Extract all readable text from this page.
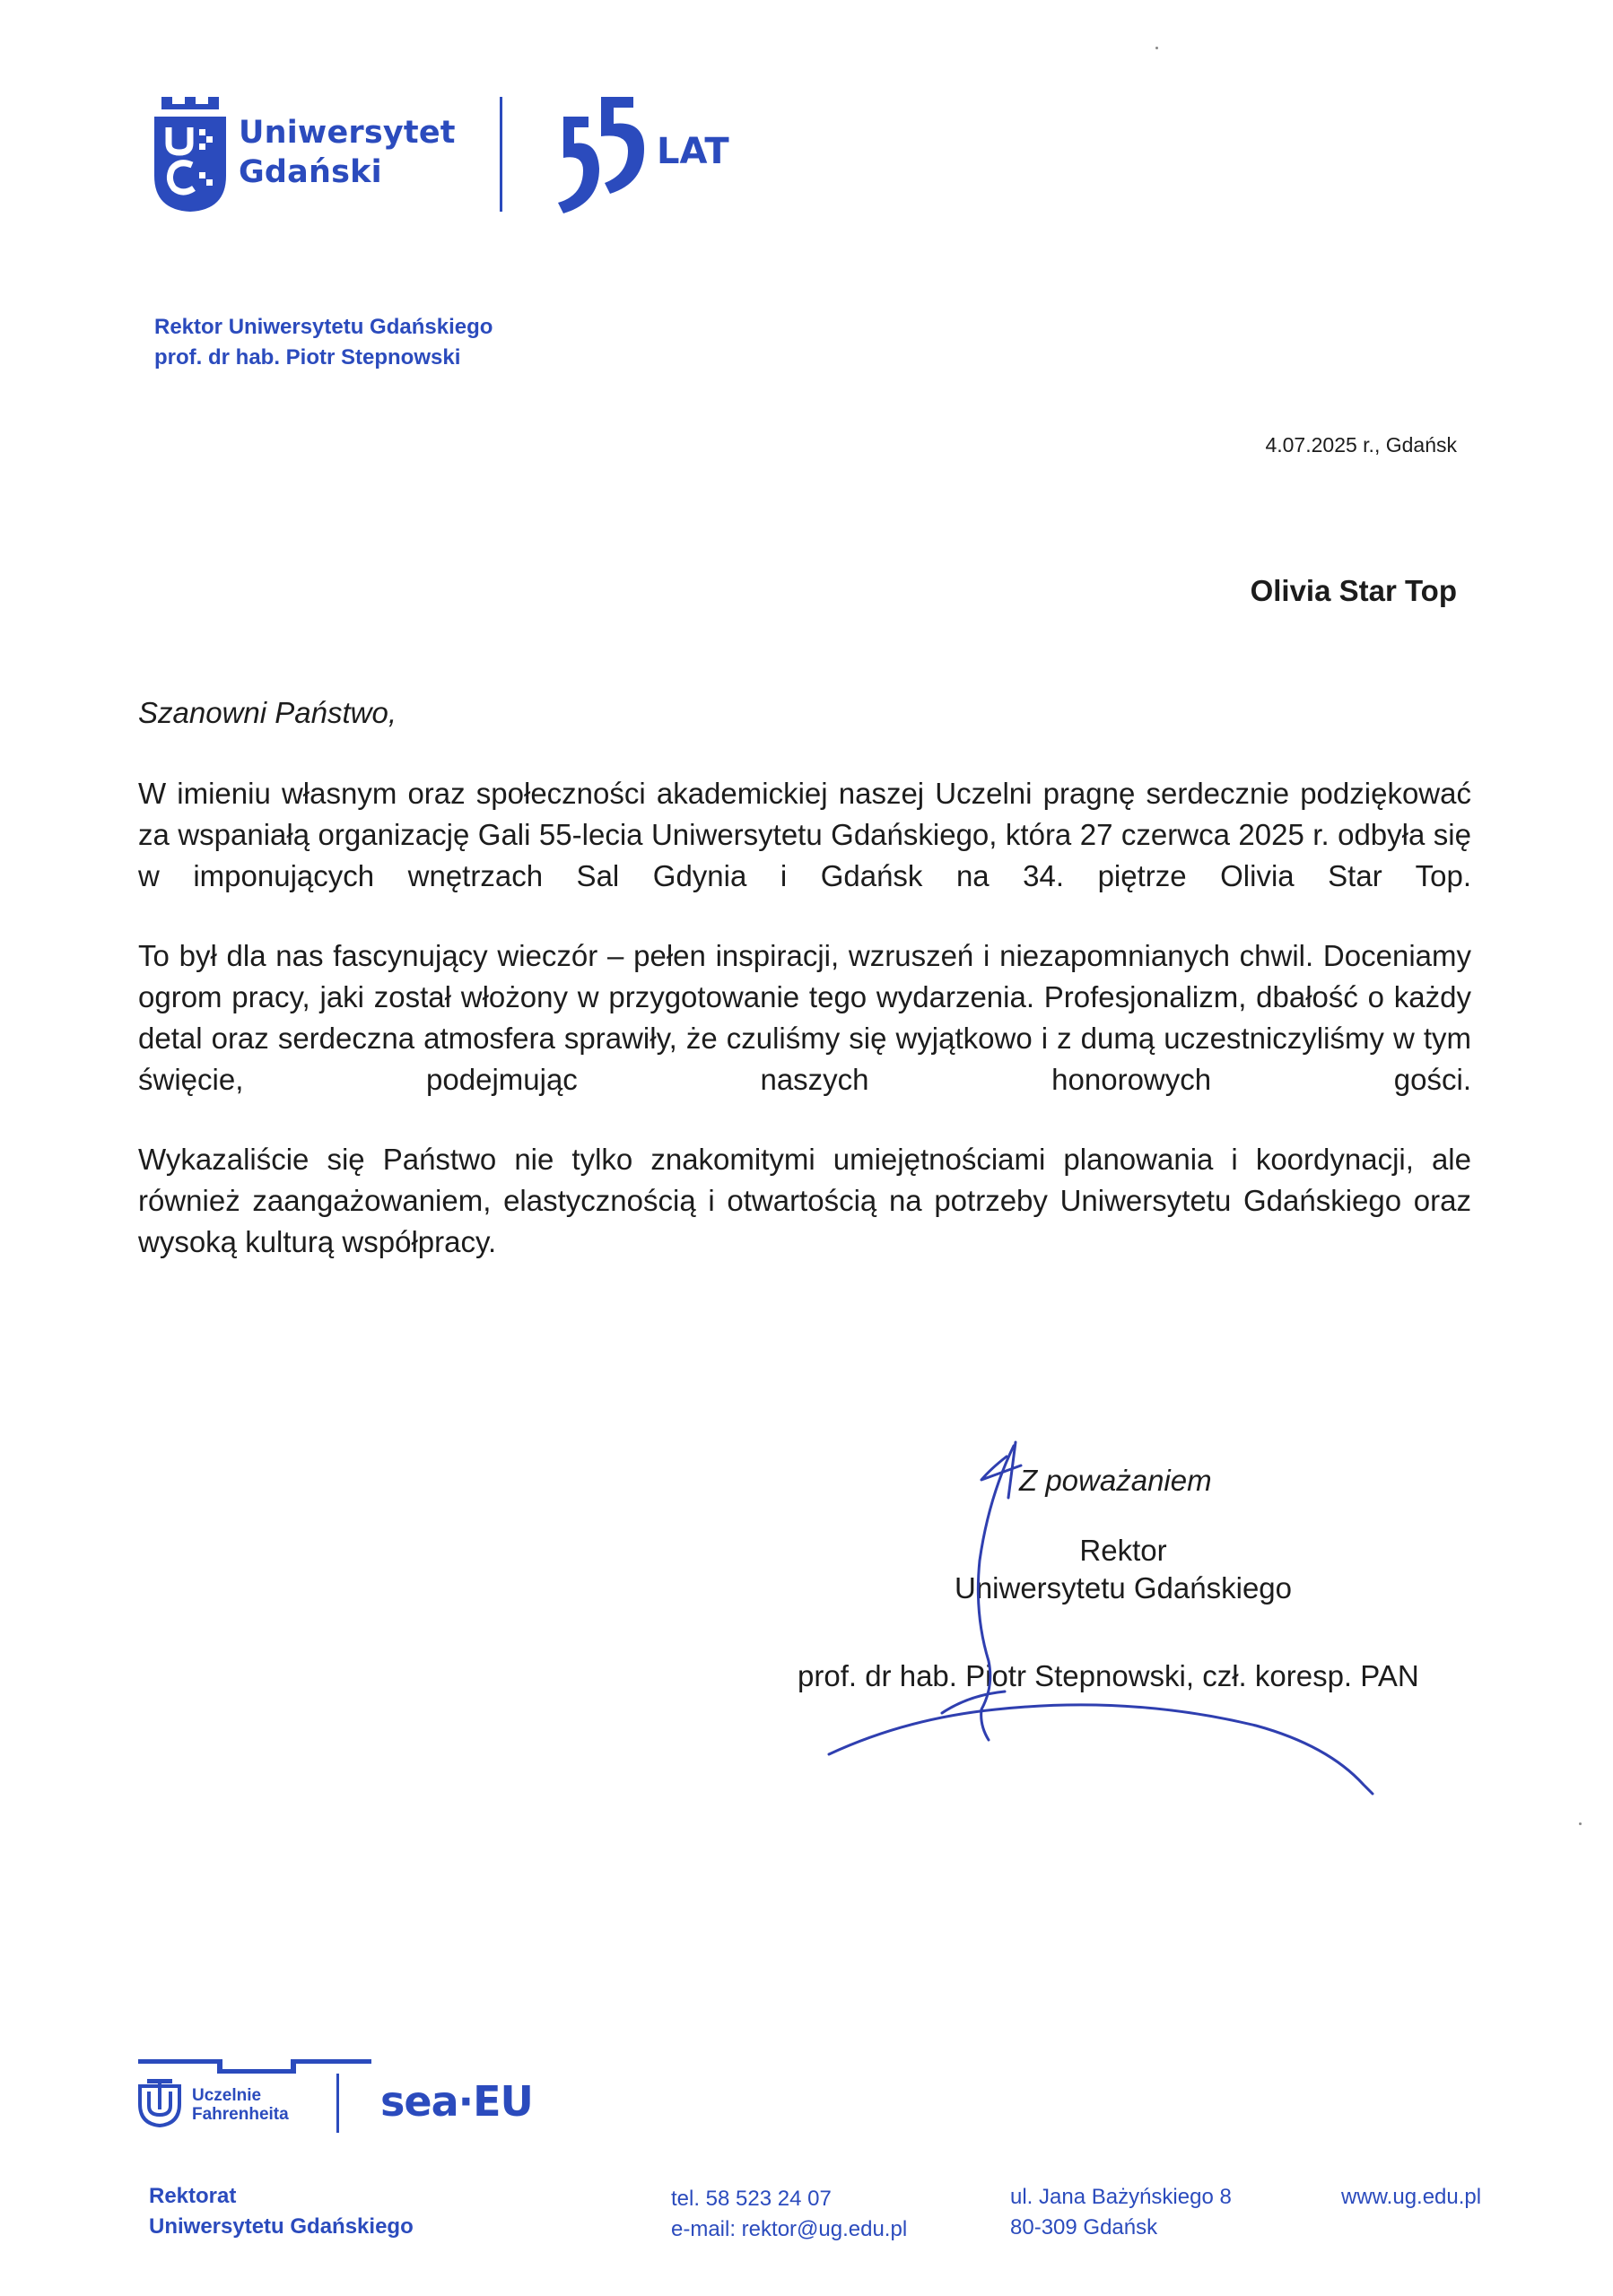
Uniwersytet
Gdański	LAT
Rektor Uniwersytetu Gdańskiego
prof. dr hab. Piotr Stepnowski
4.07.2025 r., Gdańsk
Olivia Star Top
Szanowni Państwo,

W imieniu własnym oraz społeczności akademickiej naszej Uczelni pragnę serdecznie podziękować za wspaniałą organizację Gali 55-lecia Uniwersytetu Gdańskiego, która 27 czerwca 2025 r. odbyła się w imponujących wnętrzach Sal Gdynia i Gdańsk na 34. piętrze Olivia Star Top.

To był dla nas fascynujący wieczór – pełen inspiracji, wzruszeń i niezapomnianych chwil. Doceniamy ogrom pracy, jaki został włożony w przygotowanie tego wydarzenia. Profesjonalizm, dbałość o każdy detal oraz serdeczna atmosfera sprawiły, że czuliśmy się wyjątkowo i z dumą uczestniczyliśmy w tym święcie, podejmując naszych honorowych gości.

Wykazaliście się Państwo nie tylko znakomitymi umiejętnościami planowania i koordynacji, ale również zaangażowaniem, elastycznością i otwartością na potrzeby Uniwersytetu Gdańskiego oraz wysoką kulturą współpracy.

Z poważaniem
Rektor
Uniwersytetu Gdańskiego
prof. dr hab. Piotr Stepnowski, czł. koresp. PAN
Uczelnie
Fahrenheita sea·EU
Rektorat
Uniwersytetu Gdańskiego
tel. 58 523 24 07
e-mail: rektor@ug.edu.pl
ul. Jana Bażyńskiego 8
80-309 Gdańsk
www.ug.edu.pl
